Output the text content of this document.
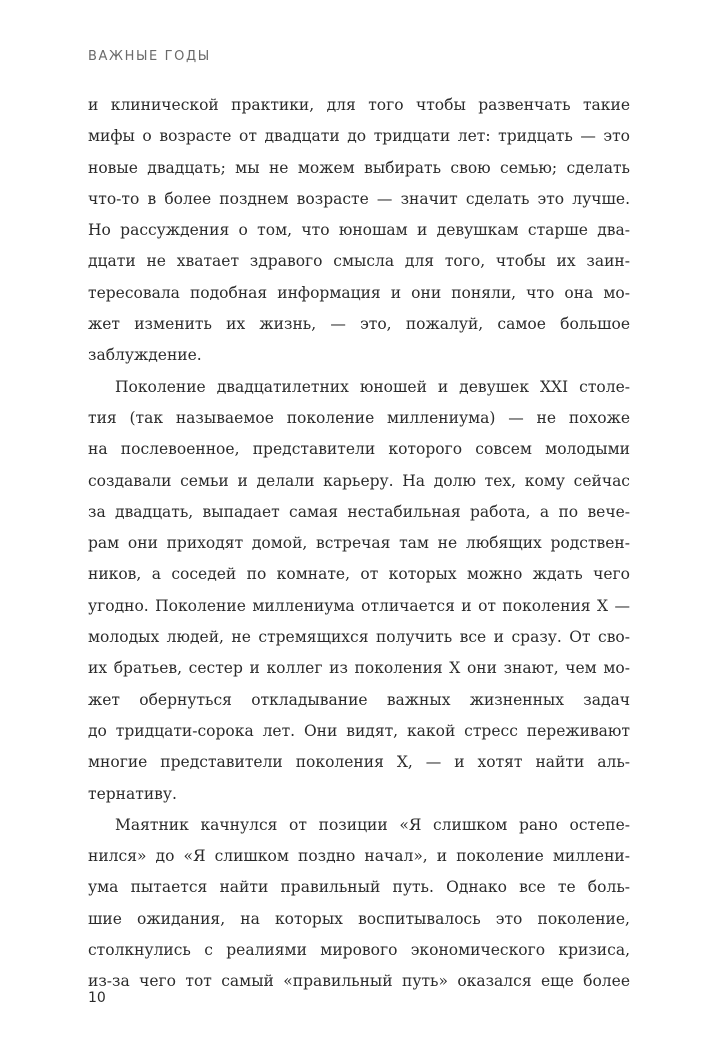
ВАЖНЫЕ ГОДЫ
и клинической практики, для того чтобы развенчать такие
мифы о возрасте от двадцати до тридцати лет: тридцать — это
новые двадцать; мы не можем выбирать свою семью; сделать
что-то в более позднем возрасте — значит сделать это лучше.
Но рассуждения о том, что юношам и девушкам старше два-
дцати не хватает здравого смысла для того, чтобы их заин-
тересовала подобная информация и они поняли, что она мо-
жет изменить их жизнь, — это, пожалуй, самое большое
заблуждение.
Поколение двадцатилетних юношей и девушек XXI столе-
тия (так называемое поколение миллениума) — не похоже
на послевоенное, представители которого совсем молодыми
создавали семьи и делали карьеру. На долю тех, кому сейчас
за двадцать, выпадает самая нестабильная работа, а по вече-
рам они приходят домой, встречая там не любящих родствен-
ников, а соседей по комнате, от которых можно ждать чего
угодно. Поколение миллениума отличается и от поколения X —
молодых людей, не стремящихся получить все и сразу. От сво-
их братьев, сестер и коллег из поколения X они знают, чем мо-
жет обернуться откладывание важных жизненных задач
до тридцати-сорока лет. Они видят, какой стресс переживают
многие представители поколения X, — и хотят найти аль-
тернативу.
Маятник качнулся от позиции «Я слишком рано остепе-
нился» до «Я слишком поздно начал», и поколение миллени-
ума пытается найти правильный путь. Однако все те боль-
шие ожидания, на которых воспитывалось это поколение,
столкнулись с реалиями мирового экономического кризиса,
из-за чего тот самый «правильный путь» оказался еще более
10
